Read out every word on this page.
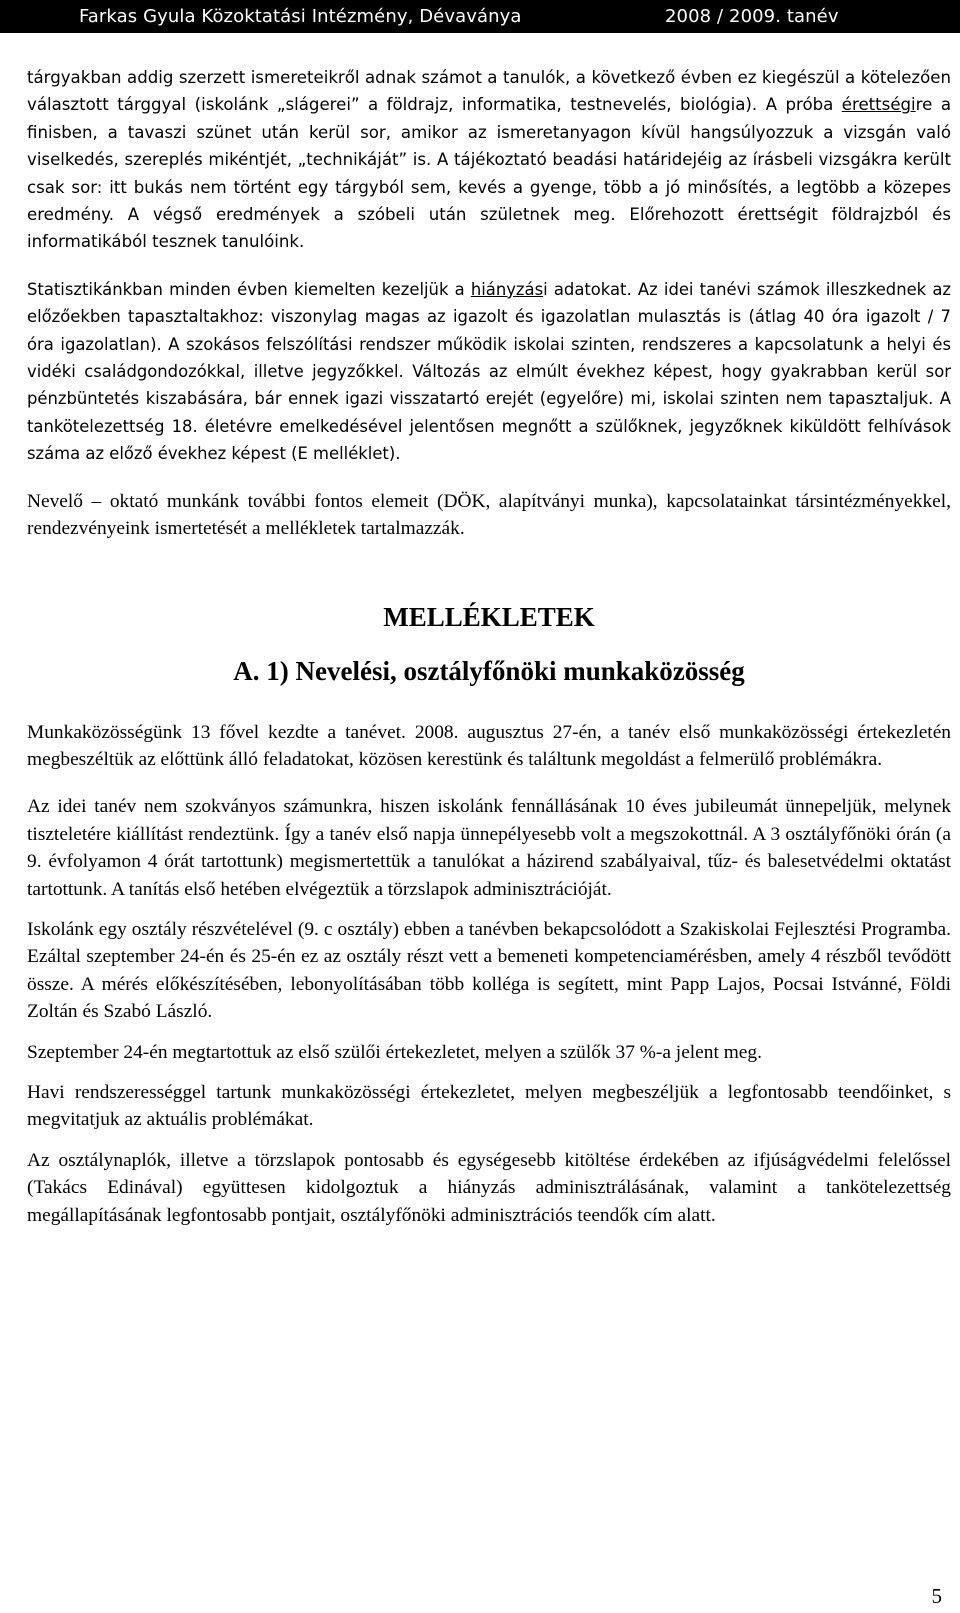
Farkas Gyula Közoktatási Intézmény, Dévaványa	2008 / 2009. tanév

tárgyakban addig szerzett ismereteikről adnak számot a tanulók, a következő évben ez kiegészül a kötelezően választott tárggyal (iskolánk „slágerei” a földrajz, informatika, testnevelés, biológia). A próba érettségire a finisben, a tavaszi szünet után kerül sor, amikor az ismeretanyagon kívül hangsúlyozzuk a vizsgán való viselkedés, szereplés mikéntjét, „technikáját” is. A tájékoztató beadási határidejéig az írásbeli vizsgákra került csak sor: itt bukás nem történt egy tárgyból sem, kevés a gyenge, több a jó minősítés, a legtöbb a közepes eredmény. A végső eredmények a szóbeli után születnek meg. Előrehozott érettségit földrajzból és informatikából tesznek tanulóink.

Statisztikánkban minden évben kiemelten kezeljük a hiányzási adatokat. Az idei tanévi számok illeszkednek az előzőekben tapasztaltakhoz: viszonylag magas az igazolt és igazolatlan mulasztás is (átlag 40 óra igazolt / 7 óra igazolatlan). A szokásos felszólítási rendszer működik iskolai szinten, rendszeres a kapcsolatunk a helyi és vidéki családgondozókkal, illetve jegyzőkkel. Változás az elmúlt évekhez képest, hogy gyakrabban kerül sor pénzbüntetés kiszabására, bár ennek igazi visszatartó erejét (egyelőre) mi, iskolai szinten nem tapasztaljuk. A tankötelezettség 18. életévre emelkedésével jelentősen megnőtt a szülőknek, jegyzőknek kiküldött felhívások száma az előző évekhez képest (E melléklet).

Nevelő – oktató munkánk további fontos elemeit (DÖK, alapítványi munka), kapcsolatainkat társintézményekkel, rendezvényeink ismertetését a mellékletek tartalmazzák.

MELLÉKLETEK
A. 1) Nevelési, osztályfőnöki munkaközösség

Munkaközösségünk 13 fővel kezdte a tanévet. 2008. augusztus 27-én, a tanév első munkaközösségi értekezletén megbeszéltük az előttünk álló feladatokat, közösen kerestünk és találtunk megoldást a felmerülő problémákra.

Az idei tanév nem szokványos számunkra, hiszen iskolánk fennállásának 10 éves jubileumát ünnepeljük, melynek tiszteletére kiállítást rendeztünk. Így a tanév első napja ünnepélyesebb volt a megszokottnál. A 3 osztályfőnöki órán (a 9. évfolyamon 4 órát tartottunk) megismertettük a tanulókat a házirend szabályaival, tűz- és balesetvédelmi oktatást tartottunk. A tanítás első hetében elvégeztük a törzslapok adminisztrációját.

Iskolánk egy osztály részvételével (9. c osztály) ebben a tanévben bekapcsolódott a Szakiskolai Fejlesztési Programba. Ezáltal szeptember 24-én és 25-én ez az osztály részt vett a bemeneti kompetenciamérésben, amely 4 részből tevődött össze. A mérés előkészítésében, lebonyolításában több kolléga is segített, mint Papp Lajos, Pocsai Istvánné, Földi Zoltán és Szabó László.

Szeptember 24-én megtartottuk az első szülői értekezletet, melyen a szülők 37 %-a jelent meg.

Havi rendszerességgel tartunk munkaközösségi értekezletet, melyen megbeszéljük a legfontosabb teendőinket, s megvitatjuk az aktuális problémákat.

Az osztálynaplók, illetve a törzslapok pontosabb és egységesebb kitöltése érdekében az ifjúságvédelmi felelőssel (Takács Edinával) együttesen kidolgoztuk a hiányzás adminisztrálásának, valamint a tankötelezettség megállapításának legfontosabb pontjait, osztályfőnöki adminisztrációs teendők cím alatt.

5
